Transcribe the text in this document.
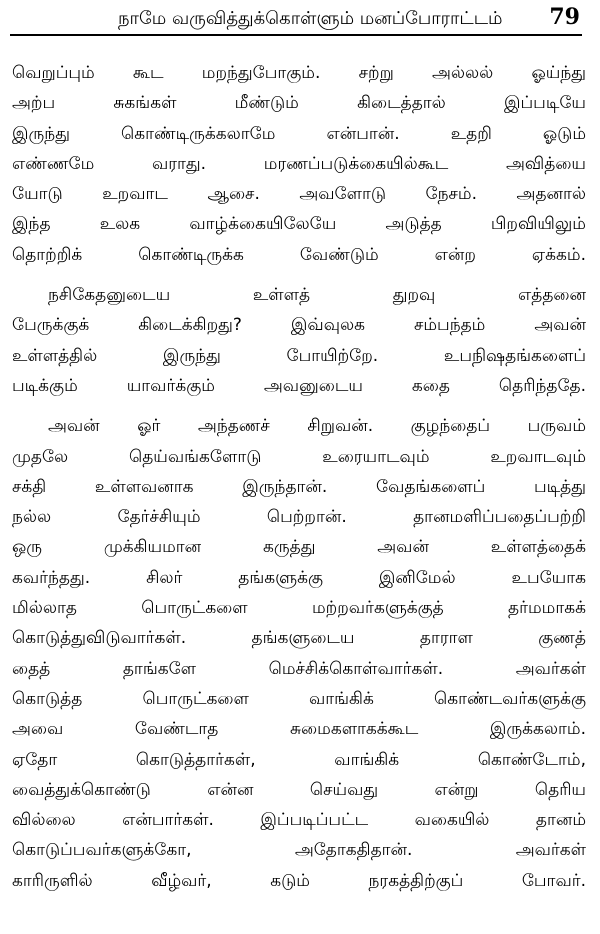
நாமே வருவித்துக்கொள்ளும் மனப்போராட்டம் 79

வெறுப்பும் கூட மறந்துபோகும். சற்று அல்லல் ஓய்ந்து
அற்ப சுகங்கள் மீண்டும் கிடைத்தால் இப்படியே
இருந்து கொண்டிருக்கலாமே என்பான். உதறி ஓடும்
எண்ணமே வராது. மரணப்படுக்கையில்கூட அவித்யை
யோடு உறவாட ஆசை. அவளோடு நேசம். அதனால்
இந்த உலக வாழ்க்கையிலேயே அடுத்த பிறவியிலும்
தொற்றிக் கொண்டிருக்க வேண்டும் என்ற ஏக்கம்.

நசிகேதனுடைய உள்ளத் துறவு எத்தனை
பேருக்குக் கிடைக்கிறது? இவ்வுலக சம்பந்தம் அவன்
உள்ளத்தில் இருந்து போயிற்றே. உபநிஷதங்களைப்
படிக்கும் யாவர்க்கும் அவனுடைய கதை தெரிந்ததே.

அவன் ஓர் அந்தணச் சிறுவன். குழந்தைப் பருவம்
முதலே தெய்வங்களோடு உரையாடவும் உறவாடவும்
சக்தி உள்ளவனாக இருந்தான். வேதங்களைப் படித்து
நல்ல தேர்ச்சியும் பெற்றான். தானமளிப்பதைப்பற்றி
ஒரு முக்கியமான கருத்து அவன் உள்ளத்தைக்
கவர்ந்தது. சிலர் தங்களுக்கு இனிமேல் உபயோக
மில்லாத பொருட்களை மற்றவர்களுக்குத் தர்மமாகக்
கொடுத்துவிடுவார்கள். தங்களுடைய தாராள குணத்
தைத் தாங்களே மெச்சிக்கொள்வார்கள். அவர்கள்
கொடுத்த பொருட்களை வாங்கிக் கொண்டவர்களுக்கு
அவை வேண்டாத சுமைகளாகக்கூட இருக்கலாம்.
ஏதோ கொடுத்தார்கள், வாங்கிக் கொண்டோம்,
வைத்துக்கொண்டு என்ன செய்வது என்று தெரிய
வில்லை என்பார்கள். இப்படிப்பட்ட வகையில் தானம்
கொடுப்பவர்களுக்கோ, அதோகதிதான். அவர்கள்
காரிருளில் வீழ்வர், கடும் நரகத்திற்குப் போவர்.
